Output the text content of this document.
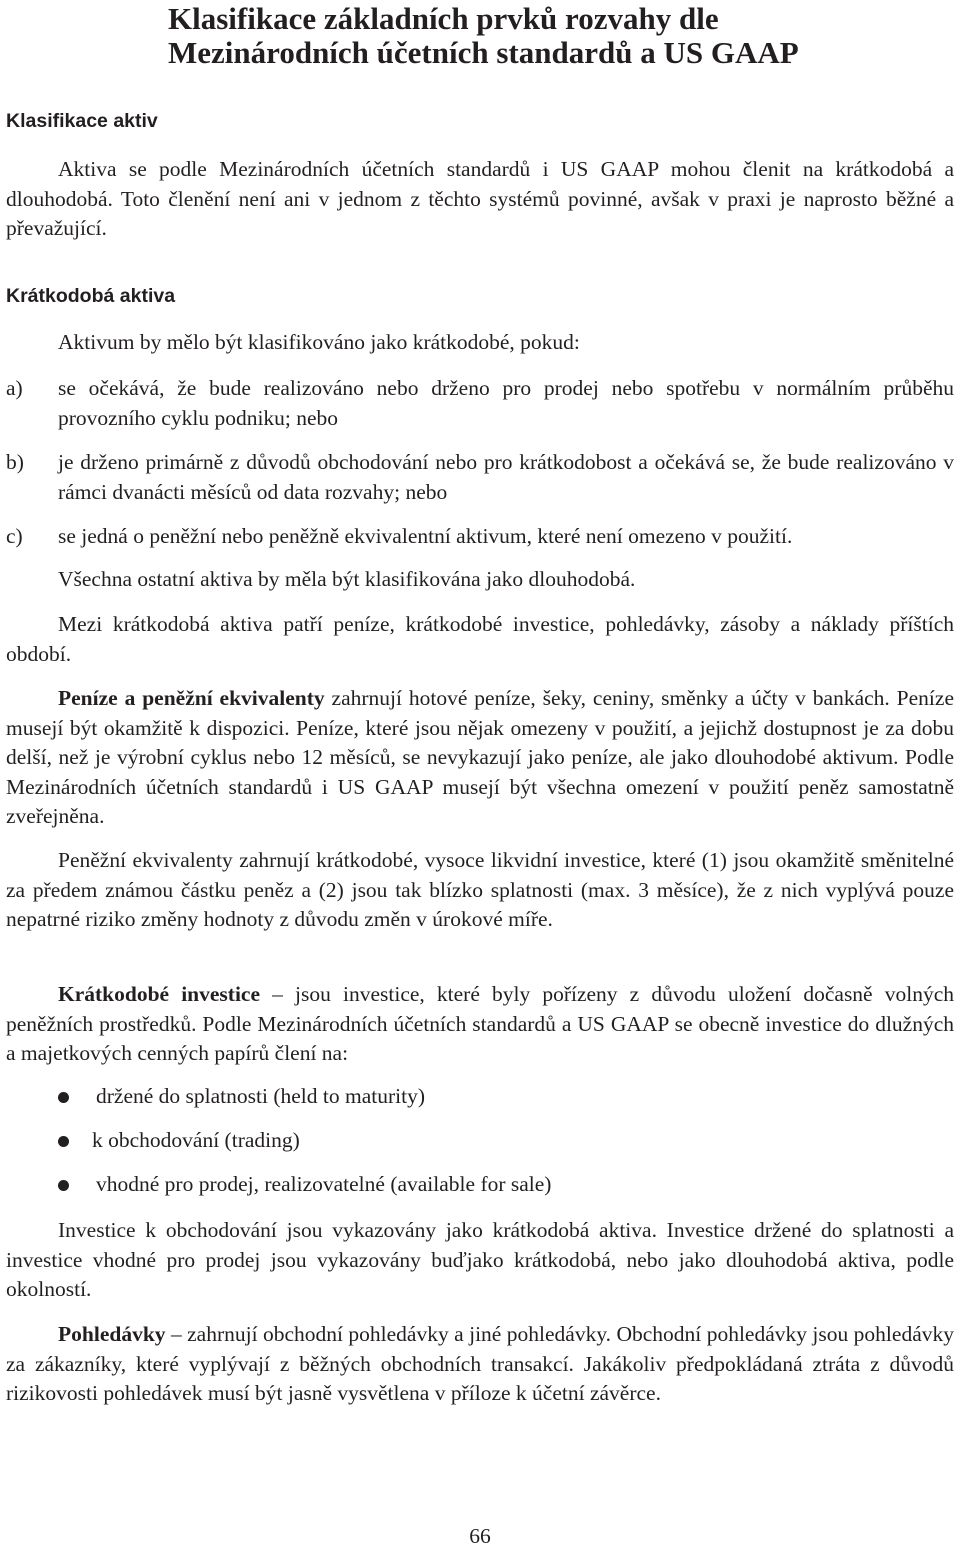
Klasifikace základních prvků rozvahy dle
Mezinárodních účetních standardů a US GAAP
Klasifikace aktiv

Aktiva se podle Mezinárodních účetních standardů i US GAAP mohou členit na krátkodobá a dlouhodobá. Toto členění není ani v jednom z těchto systémů povinné, avšak v praxi je naprosto běžné a převažující.

Krátkodobá aktiva

Aktivum by mělo být klasifikováno jako krátkodobé, pokud:

a) se očekává, že bude realizováno nebo drženo pro prodej nebo spotřebu v normálním průběhu provozního cyklu podniku; nebo
b) je drženo primárně z důvodů obchodování nebo pro krátkodobost a očekává se, že bude realizováno v rámci dvanácti měsíců od data rozvahy; nebo
c) se jedná o peněžní nebo peněžně ekvivalentní aktivum, které není omezeno v použití.

Všechna ostatní aktiva by měla být klasifikována jako dlouhodobá.

Mezi krátkodobá aktiva patří peníze, krátkodobé investice, pohledávky, zásoby a náklady příštích období.

Peníze a peněžní ekvivalenty zahrnují hotové peníze, šeky, ceniny, směnky a účty v bankách. Peníze musejí být okamžitě k dispozici. Peníze, které jsou nějak omezeny v použití, a jejichž dostupnost je za dobu delší, než je výrobní cyklus nebo 12 měsíců, se nevykazují jako peníze, ale jako dlouhodobé aktivum. Podle Mezinárodních účetních standardů i US GAAP musejí být všechna omezení v použití peněz samostatně zveřejněna.

Peněžní ekvivalenty zahrnují krátkodobé, vysoce likvidní investice, které (1) jsou okamžitě směnitelné za předem známou částku peněz a (2) jsou tak blízko splatnosti (max. 3 měsíce), že z nich vyplývá pouze nepatrné riziko změny hodnoty z důvodu změn v úrokové míře.

Krátkodobé investice – jsou investice, které byly pořízeny z důvodu uložení dočasně volných peněžních prostředků. Podle Mezinárodních účetních standardů a US GAAP se obecně investice do dlužných a majetkových cenných papírů člení na:

držené do splatnosti (held to maturity)
k obchodování (trading)
vhodné pro prodej, realizovatelné (available for sale)

Investice k obchodování jsou vykazovány jako krátkodobá aktiva. Investice držené do splatnosti a investice vhodné pro prodej jsou vykazovány buďjako krátkodobá, nebo jako dlouhodobá aktiva, podle okolností.

Pohledávky – zahrnují obchodní pohledávky a jiné pohledávky. Obchodní pohledávky jsou pohledávky za zákazníky, které vyplývají z běžných obchodních transakcí. Jakákoliv předpokládaná ztráta z důvodů rizikovosti pohledávek musí být jasně vysvětlena v příloze k účetní závěrce.

66
